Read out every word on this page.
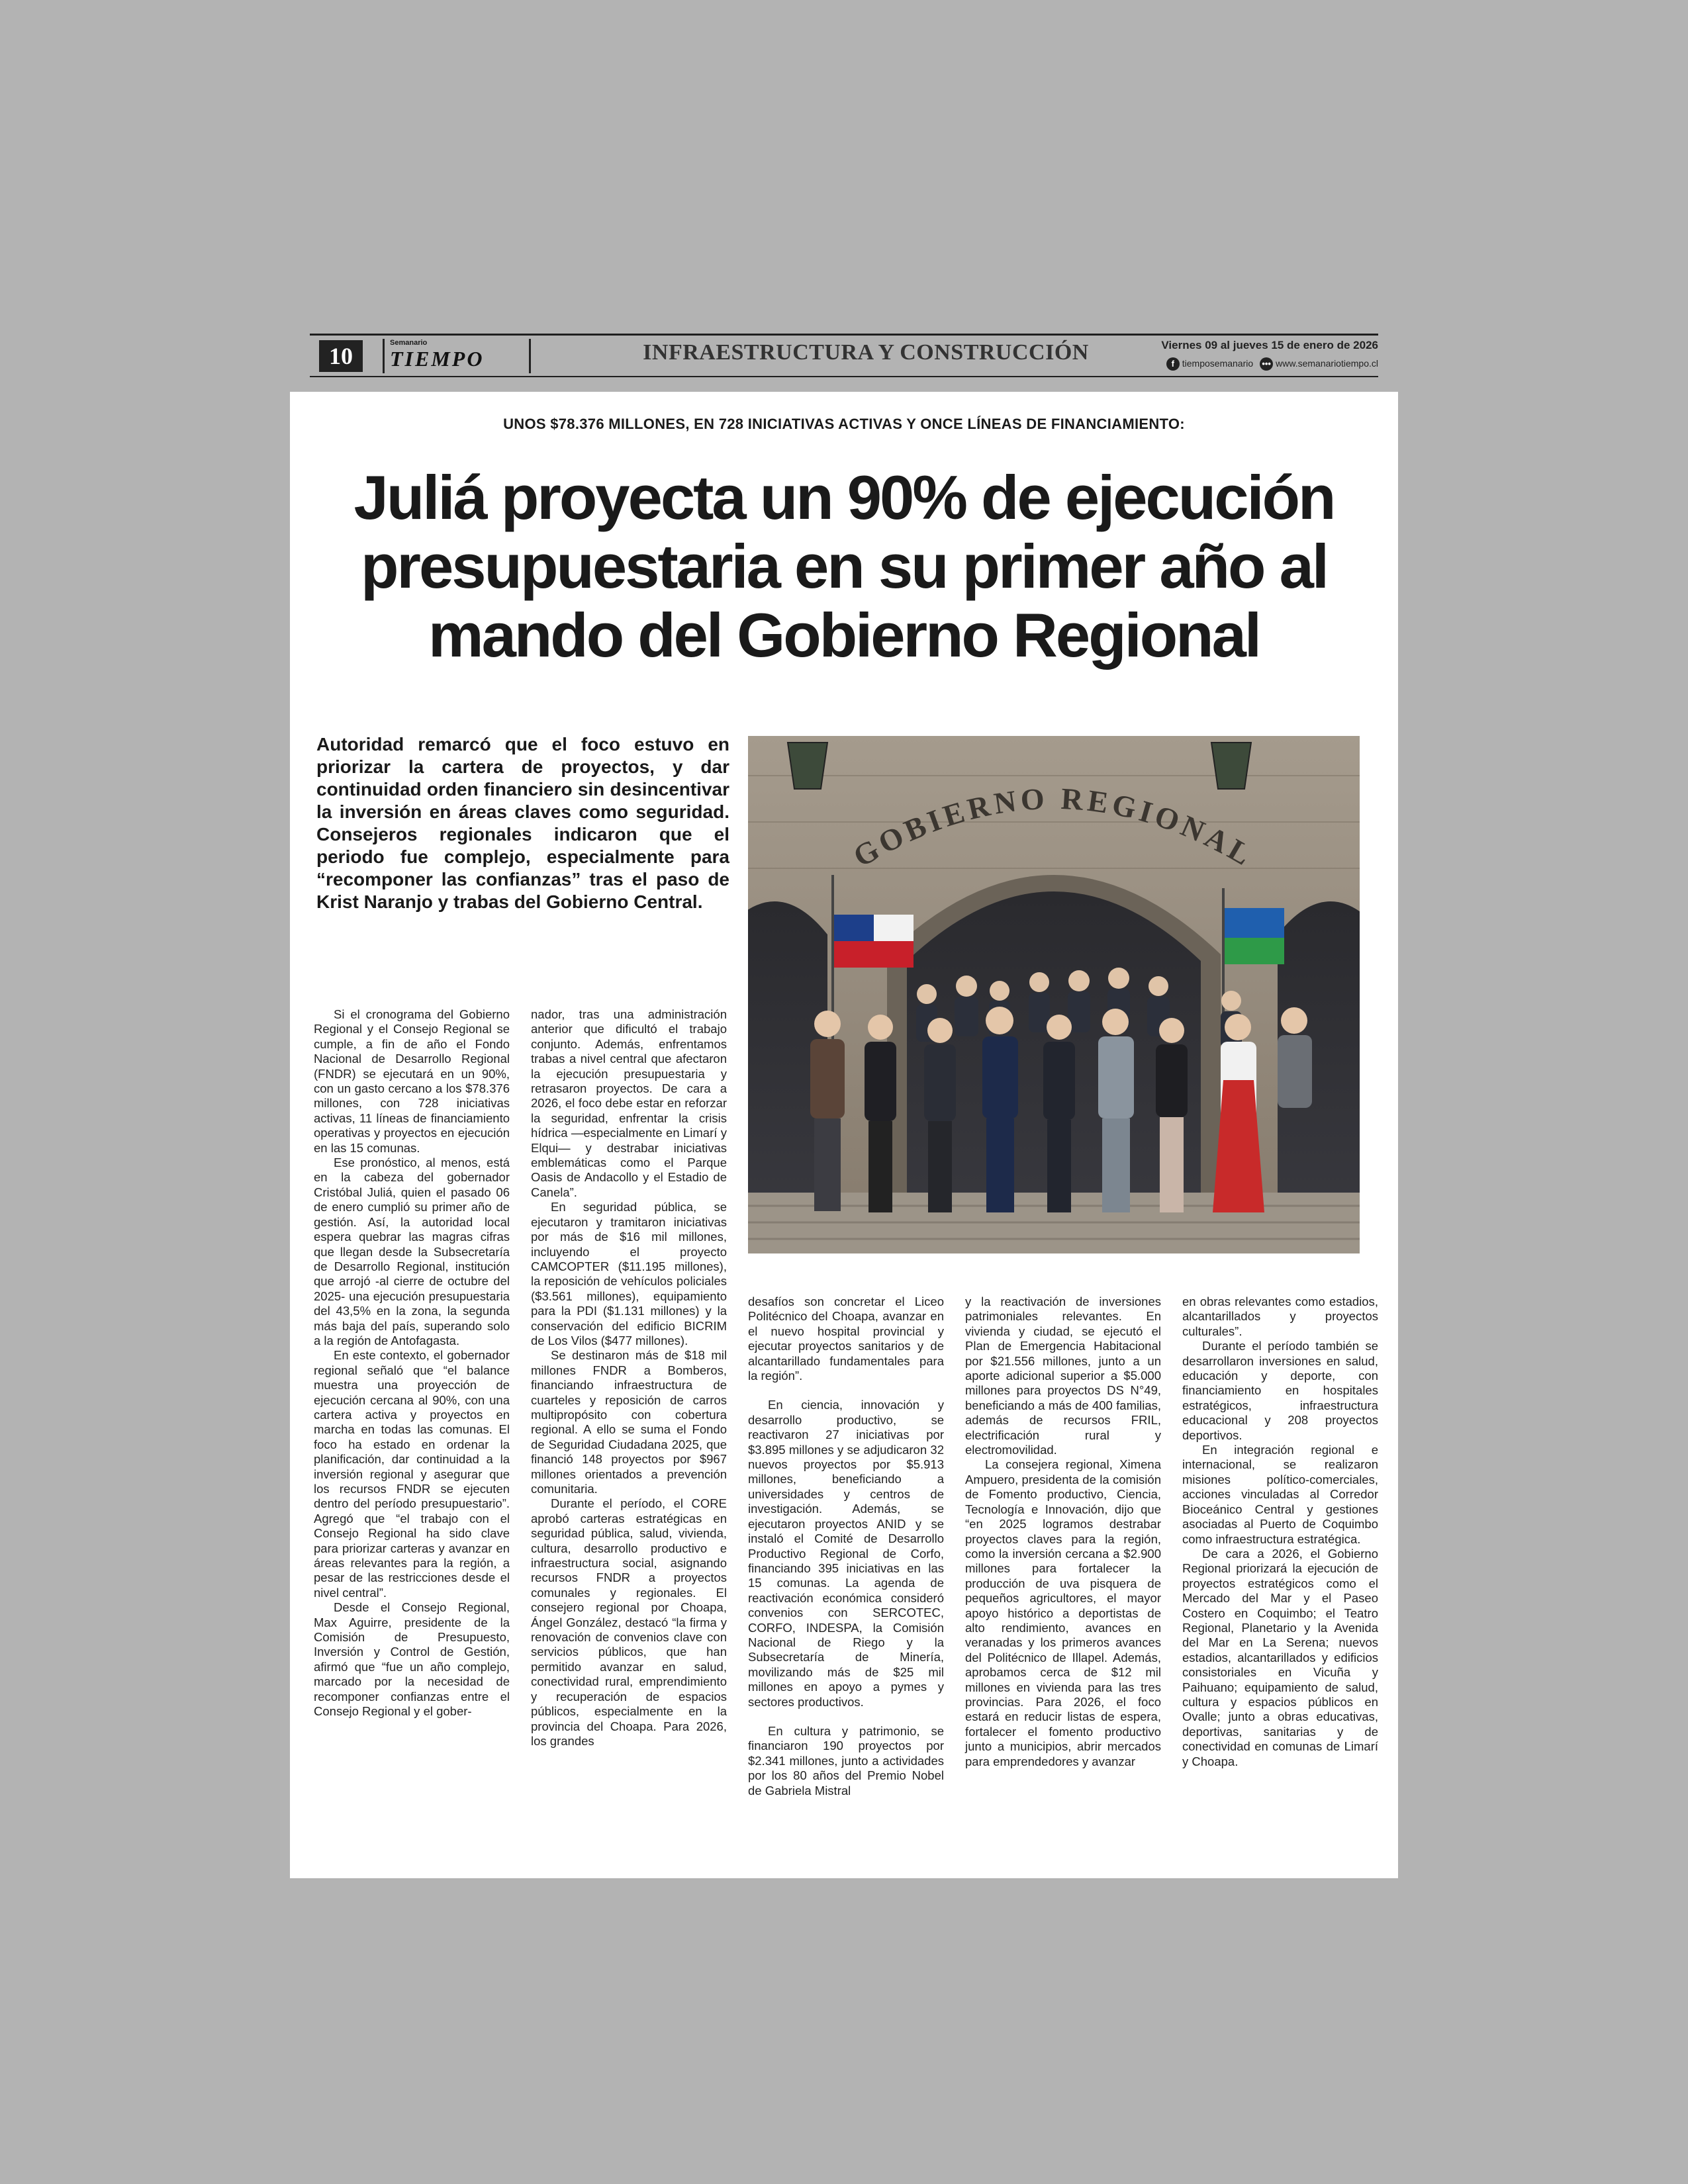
10	Semanario
TIEMPO	INFRAESTRUCTURA Y CONSTRUCCIÓN	Viernes 09 al jueves 15 de enero de 2026
f tiemposemanario ••• www.semanariotiempo.cl
UNOS $78.376 MILLONES, EN 728 INICIATIVAS ACTIVAS Y ONCE LÍNEAS DE FINANCIAMIENTO:
Juliá proyecta un 90% de ejecución presupuestaria en su primer año al mando del Gobierno Regional
Autoridad remarcó que el foco estuvo en priorizar la cartera de proyectos, y dar continuidad orden financiero sin desincentivar la inversión en áreas claves como seguridad. Consejeros regionales indicaron que el periodo fue complejo, especialmente para “recomponer las confianzas” tras el paso de Krist Naranjo y trabas del Gobierno Central.
GOBIERNO REGIONAL

Si el cronograma del Gobierno Regional y el Consejo Regional se cumple, a fin de año el Fondo Nacional de Desarrollo Regional (FNDR) se ejecutará en un 90%, con un gasto cercano a los $78.376 millones, con 728 iniciativas activas, 11 líneas de financiamiento operativas y proyectos en ejecución en las 15 comunas.

Ese pronóstico, al menos, está en la cabeza del gobernador Cristóbal Juliá, quien el pasado 06 de enero cumplió su primer año de gestión. Así, la autoridad local espera quebrar las magras cifras que llegan desde la Subsecretaría de Desarrollo Regional, institución que arrojó -al cierre de octubre del 2025- una ejecución presupuestaria del 43,5% en la zona, la segunda más baja del país, superando solo a la región de Antofagasta.

En este contexto, el gobernador regional señaló que “el balance muestra una proyección de ejecución cercana al 90%, con una cartera activa y proyectos en marcha en todas las comunas. El foco ha estado en ordenar la planificación, dar continuidad a la inversión regional y asegurar que los recursos FNDR se ejecuten dentro del período presupuestario”. Agregó que “el trabajo con el Consejo Regional ha sido clave para priorizar carteras y avanzar en áreas relevantes para la región, a pesar de las restricciones desde el nivel central”.

Desde el Consejo Regional, Max Aguirre, presidente de la Comisión de Presupuesto, Inversión y Control de Gestión, afirmó que “fue un año complejo, marcado por la necesidad de recomponer confianzas entre el Consejo Regional y el gober-

nador, tras una administración anterior que dificultó el trabajo conjunto. Además, enfrentamos trabas a nivel central que afectaron la ejecución presupuestaria y retrasaron proyectos. De cara a 2026, el foco debe estar en reforzar la seguridad, enfrentar la crisis hídrica —especialmente en Limarí y Elqui— y destrabar iniciativas emblemáticas como el Parque Oasis de Andacollo y el Estadio de Canela”.

En seguridad pública, se ejecutaron y tramitaron iniciativas por más de $16 mil millones, incluyendo el proyecto CAMCOPTER ($11.195 millones), la reposición de vehículos policiales ($3.561 millones), equipamiento para la PDI ($1.131 millones) y la conservación del edificio BICRIM de Los Vilos ($477 millones).

Se destinaron más de $18 mil millones FNDR a Bomberos, financiando infraestructura de cuarteles y reposición de carros multipropósito con cobertura regional. A ello se suma el Fondo de Seguridad Ciudadana 2025, que financió 148 proyectos por $967 millones orientados a prevención comunitaria.

Durante el período, el CORE aprobó carteras estratégicas en seguridad pública, salud, vivienda, cultura, desarrollo productivo e infraestructura social, asignando recursos FNDR a proyectos comunales y regionales. El consejero regional por Choapa, Ángel González, destacó “la firma y renovación de convenios clave con servicios públicos, que han permitido avanzar en salud, conectividad rural, emprendimiento y recuperación de espacios públicos, especialmente en la provincia del Choapa. Para 2026, los grandes

desafíos son concretar el Liceo Politécnico del Choapa, avanzar en el nuevo hospital provincial y ejecutar proyectos sanitarios y de alcantarillado fundamentales para la región”.

En ciencia, innovación y desarrollo productivo, se reactivaron 27 iniciativas por $3.895 millones y se adjudicaron 32 nuevos proyectos por $5.913 millones, beneficiando a universidades y centros de investigación. Además, se ejecutaron proyectos ANID y se instaló el Comité de Desarrollo Productivo Regional de Corfo, financiando 395 iniciativas en las 15 comunas. La agenda de reactivación económica consideró convenios con SERCOTEC, CORFO, INDESPA, la Comisión Nacional de Riego y la Subsecretaría de Minería, movilizando más de $25 mil millones en apoyo a pymes y sectores productivos.

En cultura y patrimonio, se financiaron 190 proyectos por $2.341 millones, junto a actividades por los 80 años del Premio Nobel de Gabriela Mistral

y la reactivación de inversiones patrimoniales relevantes. En vivienda y ciudad, se ejecutó el Plan de Emergencia Habitacional por $21.556 millones, junto a un aporte adicional superior a $5.000 millones para proyectos DS N°49, beneficiando a más de 400 familias, además de recursos FRIL, electrificación rural y electromovilidad.

La consejera regional, Ximena Ampuero, presidenta de la comisión de Fomento productivo, Ciencia, Tecnología e Innovación, dijo que “en 2025 logramos destrabar proyectos claves para la región, como la inversión cercana a $2.900 millones para fortalecer la producción de uva pisquera de pequeños agricultores, el mayor apoyo histórico a deportistas de alto rendimiento, avances en veranadas y los primeros avances del Politécnico de Illapel. Además, aprobamos cerca de $12 mil millones en vivienda para las tres provincias. Para 2026, el foco estará en reducir listas de espera, fortalecer el fomento productivo junto a municipios, abrir mercados para emprendedores y avanzar

en obras relevantes como estadios, alcantarillados y proyectos culturales”.

Durante el período también se desarrollaron inversiones en salud, educación y deporte, con financiamiento en hospitales estratégicos, infraestructura educacional y 208 proyectos deportivos.

En integración regional e internacional, se realizaron misiones político-comerciales, acciones vinculadas al Corredor Bioceánico Central y gestiones asociadas al Puerto de Coquimbo como infraestructura estratégica.

De cara a 2026, el Gobierno Regional priorizará la ejecución de proyectos estratégicos como el Mercado del Mar y el Paseo Costero en Coquimbo; el Teatro Regional, Planetario y la Avenida del Mar en La Serena; nuevos estadios, alcantarillados y edificios consistoriales en Vicuña y Paihuano; equipamiento de salud, cultura y espacios públicos en Ovalle; junto a obras educativas, deportivas, sanitarias y de conectividad en comunas de Limarí y Choapa.
